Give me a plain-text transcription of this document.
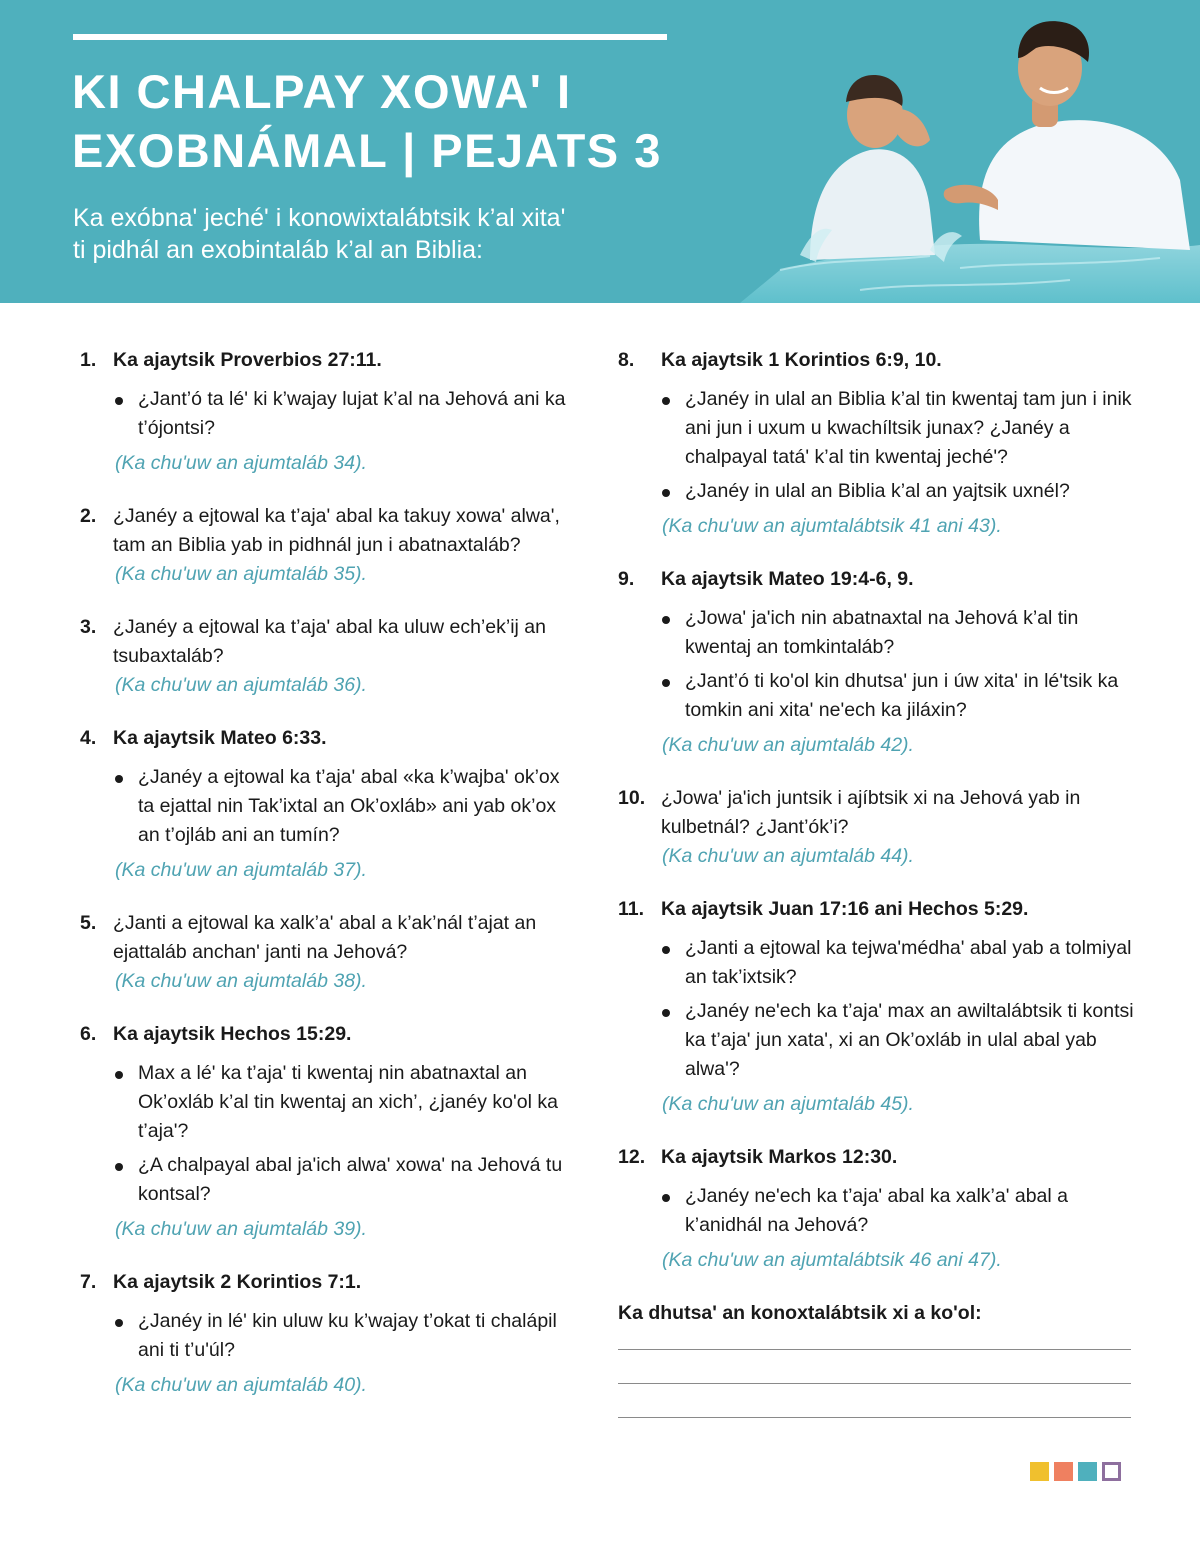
KI CHALPAY XOWA' I
EXOBNÁMAL | PEJATS 3
Ka exóbna' jeché' i konowixtalábtsik k’al xita'
ti pidhál an exobintaláb k’al an Biblia:
1. Ka ajaytsik Proverbios 27:11.
¿Jant’ó ta lé' ki k’wajay lujat k’al na Jehová ani ka t’ójontsi?
(Ka chu'uw an ajumtaláb 34).
2. ¿Janéy a ejtowal ka t’aja' abal ka takuy xowa' alwa', tam an Biblia yab in pidhnál jun i abatnaxtaláb?
(Ka chu'uw an ajumtaláb 35).
3. ¿Janéy a ejtowal ka t’aja' abal ka uluw ech’ek’ij an tsubaxtaláb?
(Ka chu'uw an ajumtaláb 36).
4. Ka ajaytsik Mateo 6:33.
¿Janéy a ejtowal ka t’aja' abal «ka k’wajba' ok’ox ta ejattal nin Tak’ixtal an Ok’oxláb» ani yab ok’ox an t’ojláb ani an tumín?
(Ka chu'uw an ajumtaláb 37).
5. ¿Janti a ejtowal ka xalk’a' abal a k’ak’nál t’ajat an ejattaláb anchan' janti na Jehová?
(Ka chu'uw an ajumtaláb 38).
6. Ka ajaytsik Hechos 15:29.
Max a lé' ka t’aja' ti kwentaj nin abatnaxtal an Ok’oxláb k’al tin kwentaj an xich’, ¿janéy ko'ol ka t’aja'?
¿A chalpayal abal ja'ich alwa' xowa' na Jehová tu kontsal?
(Ka chu'uw an ajumtaláb 39).
7. Ka ajaytsik 2 Korintios 7:1.
¿Janéy in lé' kin uluw ku k’wajay t’okat ti chalápil ani ti t’u'úl?
(Ka chu'uw an ajumtaláb 40).
8.	Ka ajaytsik 1 Korintios 6:9, 10.
¿Janéy in ulal an Biblia k’al tin kwentaj tam jun i inik ani jun i uxum u kwachíltsik junax? ¿Janéy a chalpayal tatá' k’al tin kwentaj jeché'?
¿Janéy in ulal an Biblia k’al an yajtsik uxnél?
(Ka chu'uw an ajumtalábtsik 41 ani 43).
9.	Ka ajaytsik Mateo 19:4-6, 9.
¿Jowa' ja'ich nin abatnaxtal na Jehová k’al tin kwentaj an tomkintaláb?
¿Jant’ó ti ko'ol kin dhutsa' jun i úw xita' in lé'tsik ka tomkin ani xita' ne'ech ka jiláxin?
(Ka chu'uw an ajumtaláb 42).
10. ¿Jowa' ja'ich juntsik i ajíbtsik xi na Jehová yab in kulbetnál? ¿Jant’ók’i?
(Ka chu'uw an ajumtaláb 44).
11. Ka ajaytsik Juan 17:16 ani Hechos 5:29.
¿Janti a ejtowal ka tejwa'médha' abal yab a tolmiyal an tak’ixtsik?
¿Janéy ne'ech ka t’aja' max an awiltalábtsik ti kontsi ka t’aja' jun xata', xi an Ok’oxláb in ulal abal yab alwa'?
(Ka chu'uw an ajumtaláb 45).
12. Ka ajaytsik Markos 12:30.
¿Janéy ne'ech ka t’aja' abal ka xalk’a' abal a k’anidhál na Jehová?
(Ka chu'uw an ajumtalábtsik 46 ani 47).
Ka dhutsa' an konoxtalábtsik xi a ko'ol:
